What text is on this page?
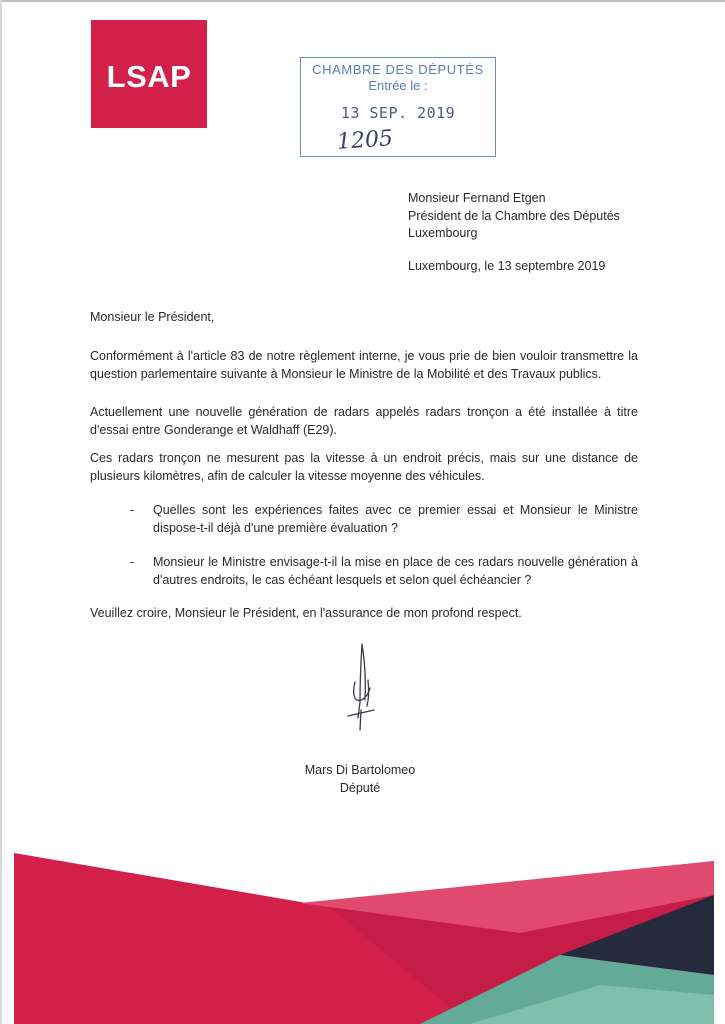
LSAP	CHAMBRE DES DÉPUTÉS
Entrée le :
13 SEP. 2019
1205
Monsieur Fernand Etgen
Président de la Chambre des Députés
Luxembourg
Luxembourg, le 13 septembre 2019
Monsieur le Président,
Conformément à l'article 83 de notre règlement interne, je vous prie de bien vouloir transmettre la question parlementaire suivante à Monsieur le Ministre de la Mobilité et des Travaux publics.
Actuellement une nouvelle génération de radars appelés radars tronçon a été installée à titre d'essai entre Gonderange et Waldhaff (E29).
Ces radars tronçon ne mesurent pas la vitesse à un endroit précis, mais sur une distance de plusieurs kilomètres, afin de calculer la vitesse moyenne des véhicules.
- Quelles sont les expériences faites avec ce premier essai et Monsieur le Ministre dispose-t-il déjà d'une première évaluation ?
- Monsieur le Ministre envisage-t-il la mise en place de ces radars nouvelle génération à d'autres endroits, le cas échéant lesquels et selon quel échéancier ?
Veuillez croire, Monsieur le Président, en l'assurance de mon profond respect.
Mars Di Bartolomeo
Député
